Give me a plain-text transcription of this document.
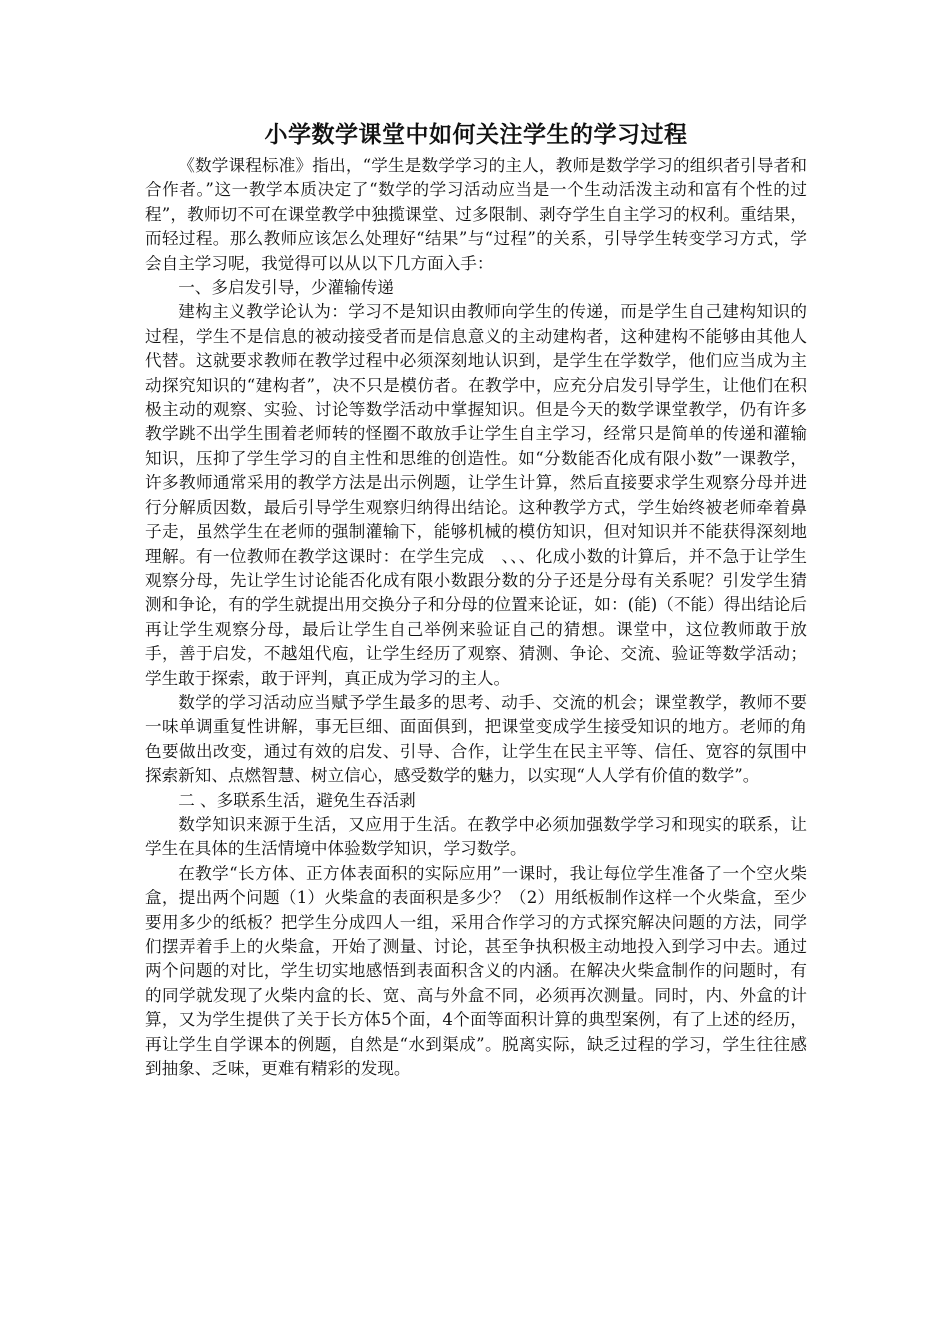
小学数学课堂中如何关注学生的学习过程

《数学课程标准》指出，“学生是数学学习的主人，教师是数学学习的组织者引导者和合作者。”这一教学本质决定了“数学的学习活动应当是一个生动活泼主动和富有个性的过程”，教师切不可在课堂教学中独揽课堂、过多限制、剥夺学生自主学习的权利。重结果，而轻过程。那么教师应该怎么处理好“结果”与“过程”的关系，引导学生转变学习方式，学会自主学习呢，我觉得可以从以下几方面入手：

一、多启发引导，少灌输传递

建构主义教学论认为：学习不是知识由教师向学生的传递，而是学生自己建构知识的过程，学生不是信息的被动接受者而是信息意义的主动建构者，这种建构不能够由其他人代替。这就要求教师在教学过程中必须深刻地认识到，是学生在学数学，他们应当成为主动探究知识的“建构者”，决不只是模仿者。在教学中，应充分启发引导学生，让他们在积极主动的观察、实验、讨论等数学活动中掌握知识。但是今天的数学课堂教学，仍有许多教学跳不出学生围着老师转的怪圈不敢放手让学生自主学习，经常只是简单的传递和灌输知识，压抑了学生学习的自主性和思维的创造性。如“分数能否化成有限小数”一课教学，许多教师通常采用的教学方法是出示例题，让学生计算，然后直接要求学生观察分母并进行分解质因数，最后引导学生观察归纳得出结论。这种教学方式，学生始终被老师牵着鼻子走，虽然学生在老师的强制灌输下，能够机械的模仿知识，但对知识并不能获得深刻地理解。有一位教师在教学这课时：在学生完成　、、、化成小数的计算后，并不急于让学生观察分母，先让学生讨论能否化成有限小数跟分数的分子还是分母有关系呢？引发学生猜测和争论，有的学生就提出用交换分子和分母的位置来论证，如：(能)（不能）得出结论后再让学生观察分母，最后让学生自己举例来验证自己的猜想。课堂中，这位教师敢于放手，善于启发，不越俎代庖，让学生经历了观察、猜测、争论、交流、验证等数学活动；学生敢于探索，敢于评判，真正成为学习的主人。

数学的学习活动应当赋予学生最多的思考、动手、交流的机会；课堂教学，教师不要一味单调重复性讲解，事无巨细、面面俱到，把课堂变成学生接受知识的地方。老师的角色要做出改变，通过有效的启发、引导、合作，让学生在民主平等、信任、宽容的氛围中探索新知、点燃智慧、树立信心，感受数学的魅力，以实现“人人学有价值的数学”。

二 、多联系生活，避免生吞活剥

数学知识来源于生活，又应用于生活。在教学中必须加强数学学习和现实的联系，让学生在具体的生活情境中体验数学知识，学习数学。

在教学“长方体、正方体表面积的实际应用”一课时，我让每位学生准备了一个空火柴盒，提出两个问题（1）火柴盒的表面积是多少？（2）用纸板制作这样一个火柴盒，至少要用多少的纸板？把学生分成四人一组，采用合作学习的方式探究解决问题的方法，同学们摆弄着手上的火柴盒，开始了测量、讨论，甚至争执积极主动地投入到学习中去。通过两个问题的对比，学生切实地感悟到表面积含义的内涵。在解决火柴盒制作的问题时，有的同学就发现了火柴内盒的长、宽、高与外盒不同，必须再次测量。同时，内、外盒的计算，又为学生提供了关于长方体5个面，4个面等面积计算的典型案例，有了上述的经历，再让学生自学课本的例题，自然是“水到渠成”。脱离实际，缺乏过程的学习，学生往往感到抽象、乏味，更难有精彩的发现。
